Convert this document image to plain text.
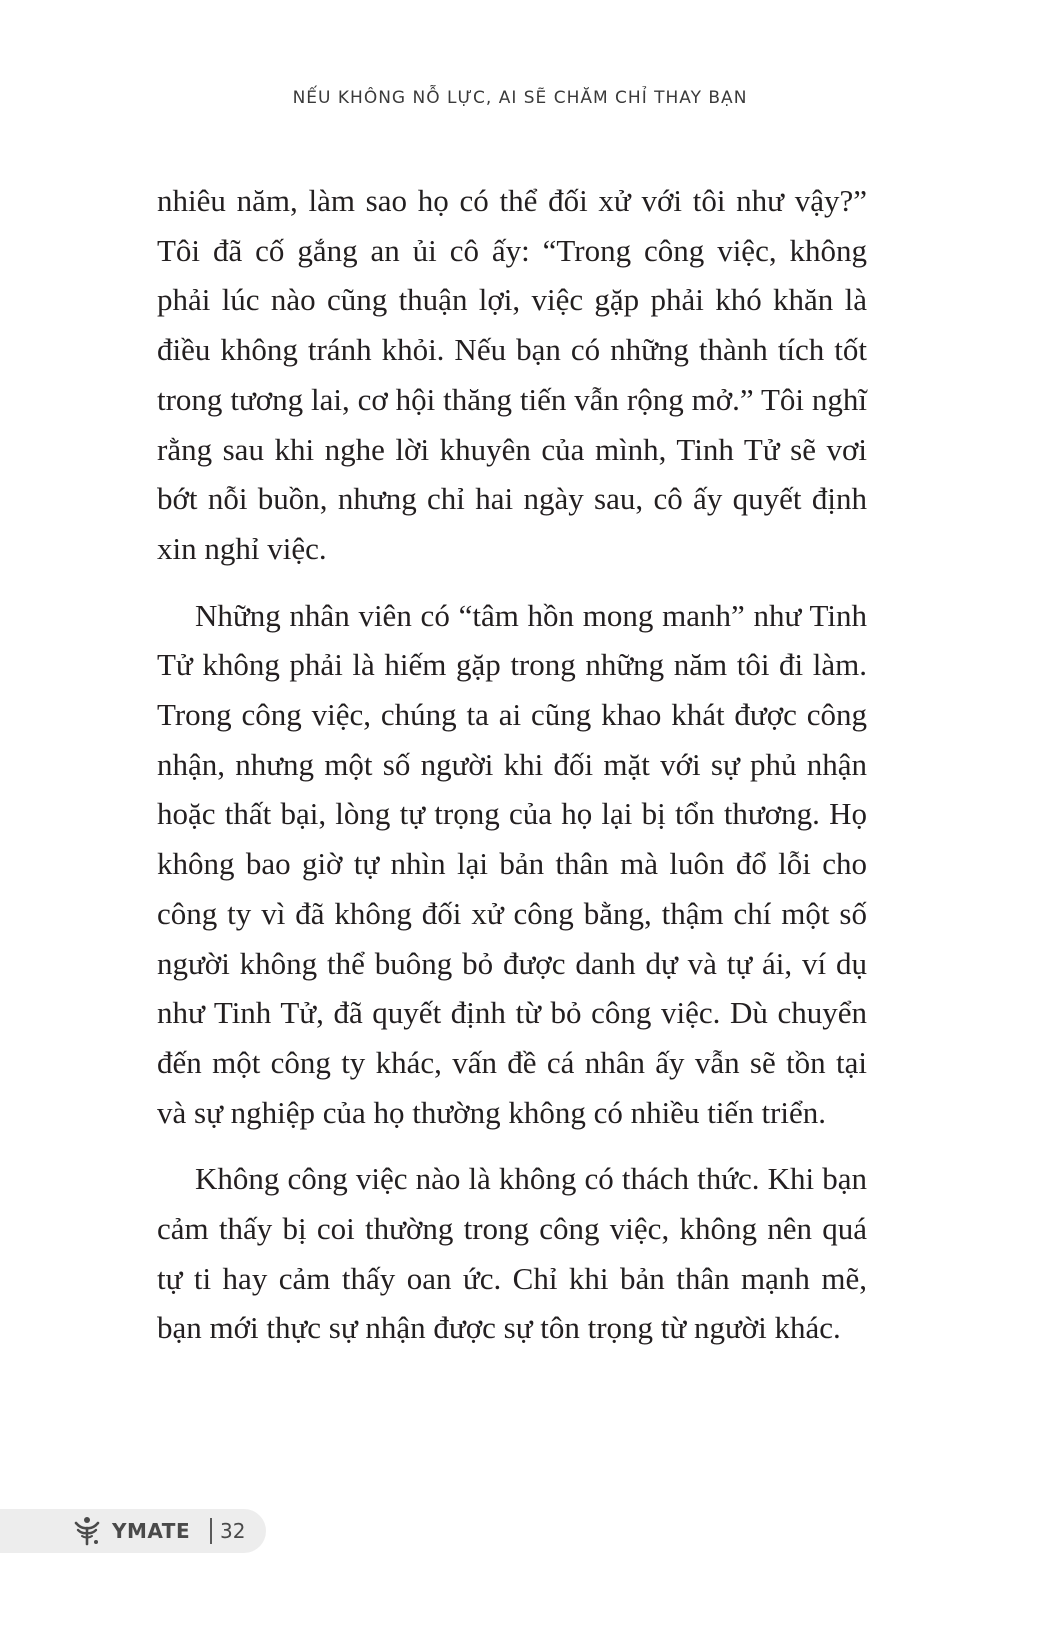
NẾU KHÔNG NỖ LỰC, AI SẼ CHĂM CHỈ THAY BẠN

nhiêu năm, làm sao họ có thể đối xử với tôi như vậy?” Tôi đã cố gắng an ủi cô ấy: “Trong công việc, không phải lúc nào cũng thuận lợi, việc gặp phải khó khăn là điều không tránh khỏi. Nếu bạn có những thành tích tốt trong tương lai, cơ hội thăng tiến vẫn rộng mở.” Tôi nghĩ rằng sau khi nghe lời khuyên của mình, Tinh Tử sẽ vơi bớt nỗi buồn, nhưng chỉ hai ngày sau, cô ấy quyết định xin nghỉ việc.

Những nhân viên có “tâm hồn mong manh” như Tinh Tử không phải là hiếm gặp trong những năm tôi đi làm. Trong công việc, chúng ta ai cũng khao khát được công nhận, nhưng một số người khi đối mặt với sự phủ nhận hoặc thất bại, lòng tự trọng của họ lại bị tổn thương. Họ không bao giờ tự nhìn lại bản thân mà luôn đổ lỗi cho công ty vì đã không đối xử công bằng, thậm chí một số người không thể buông bỏ được danh dự và tự ái, ví dụ như Tinh Tử, đã quyết định từ bỏ công việc. Dù chuyển đến một công ty khác, vấn đề cá nhân ấy vẫn sẽ tồn tại và sự nghiệp của họ thường không có nhiều tiến triển.

Không công việc nào là không có thách thức. Khi bạn cảm thấy bị coi thường trong công việc, không nên quá tự ti hay cảm thấy oan ức. Chỉ khi bản thân mạnh mẽ, bạn mới thực sự nhận được sự tôn trọng từ người khác.

YMATE 32
